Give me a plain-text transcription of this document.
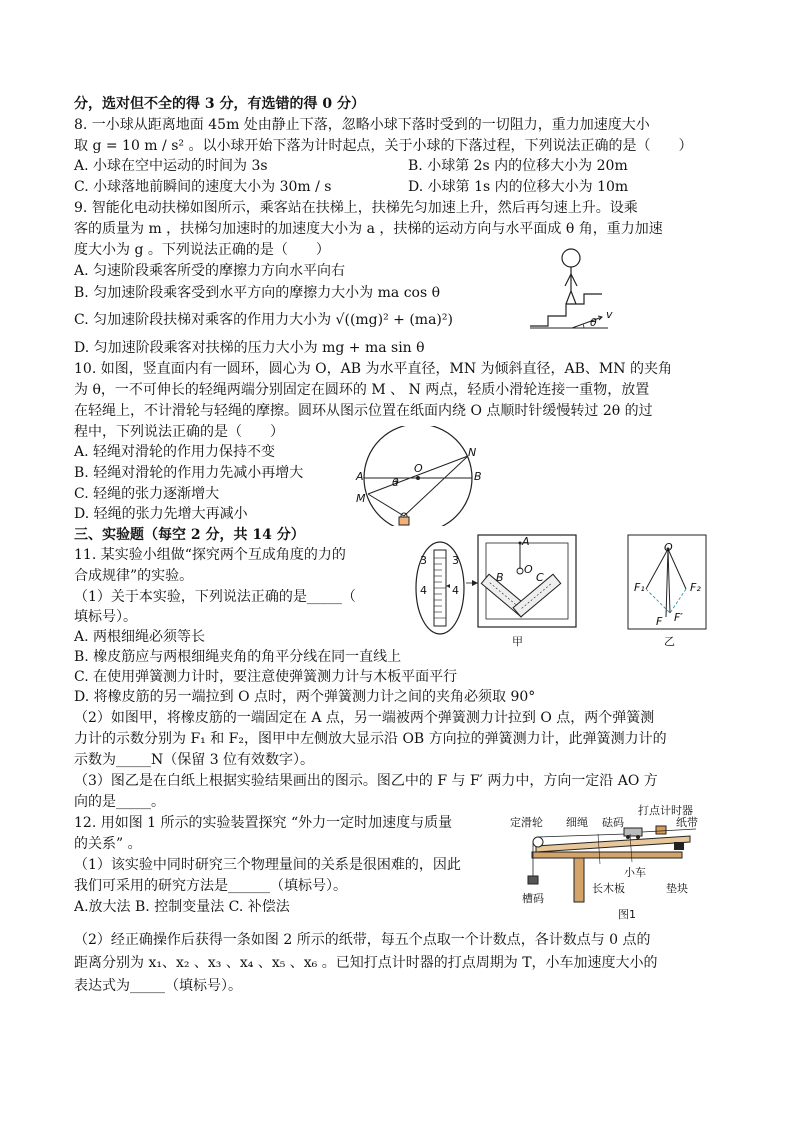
分，选对但不全的得 3 分，有选错的得 0 分）
8. 一小球从距离地面 45m 处由静止下落，忽略小球下落时受到的一切阻力，重力加速度大小
取 g = 10 m / s² 。以小球开始下落为计时起点，关于小球的下落过程，下列说法正确的是（　　）
A. 小球在空中运动的时间为 3s	B. 小球第 2s 内的位移大小为 20m
C. 小球落地前瞬间的速度大小为 30m / s	D. 小球第 1s 内的位移大小为 10m
9. 智能化电动扶梯如图所示，乘客站在扶梯上，扶梯先匀加速上升，然后再匀速上升。设乘
客的质量为 m ，扶梯匀加速时的加速度大小为 a ，扶梯的运动方向与水平面成 θ 角，重力加速
度大小为 g 。下列说法正确的是（　　）
A. 匀速阶段乘客所受的摩擦力方向水平向右
B. 匀加速阶段乘客受到水平方向的摩擦力大小为 ma cos θ
C. 匀加速阶段扶梯对乘客的作用力大小为 √((mg)² + (ma)²)
D. 匀加速阶段乘客对扶梯的压力大小为 mg + ma sin θ
v
θ
10. 如图，竖直面内有一圆环，圆心为 O，AB 为水平直径，MN 为倾斜直径，AB、MN 的夹角
为 θ，一不可伸长的轻绳两端分别固定在圆环的 M 、 N 两点，轻质小滑轮连接一重物，放置
在轻绳上，不计滑轮与轻绳的摩擦。圆环从图示位置在纸面内绕 O 点顺时针缓慢转过 2θ 的过
程中，下列说法正确的是（　　）
A. 轻绳对滑轮的作用力保持不变
B. 轻绳对滑轮的作用力先减小再增大
C. 轻绳的张力逐渐增大
D. 轻绳的张力先增大再减小
O
A	B
M
N
θ
三、实验题（每空 2 分，共 14 分）
11. 某实验小组做“探究两个互成角度的力的
合成规律”的实验。
（1）关于本实验，下列说法正确的是_____（
填标号）。
3 3
4 4
A
O
B	C
甲
O
F₁	F₂
F F′
乙
A. 两根细绳必须等长
B. 橡皮筋应与两根细绳夹角的角平分线在同一直线上
C. 在使用弹簧测力计时，要注意使弹簧测力计与木板平面平行
D. 将橡皮筋的另一端拉到 O 点时，两个弹簧测力计之间的夹角必须取 90°
（2）如图甲，将橡皮筋的一端固定在 A 点，另一端被两个弹簧测力计拉到 O 点，两个弹簧测
力计的示数分别为 F₁ 和 F₂，图甲中左侧放大显示沿 OB 方向拉的弹簧测力计，此弹簧测力计的
示数为_____N（保留 3 位有效数字）。
（3）图乙是在白纸上根据实验结果画出的图示。图乙中的 F 与 F′ 两力中，方向一定沿 AO 方
向的是_____。
12. 用如图 1 所示的实验装置探究 “外力一定时加速度与质量
的关系” 。
（1）该实验中同时研究三个物理量间的关系是很困难的，因此
我们可采用的研究方法是______（填标号）。
A.放大法 B. 控制变量法 C. 补偿法
定滑轮 细绳 砝码
打点计时器
纸带
小车
长木板	垫块
槽码
图1
（2）经正确操作后获得一条如图 2 所示的纸带，每五个点取一个计数点，各计数点与 0 点的
距离分别为 x₁、x₂ 、x₃ 、x₄ 、x₅ 、x₆ 。已知打点计时器的打点周期为 T，小车加速度大小的
表达式为_____（填标号）。
